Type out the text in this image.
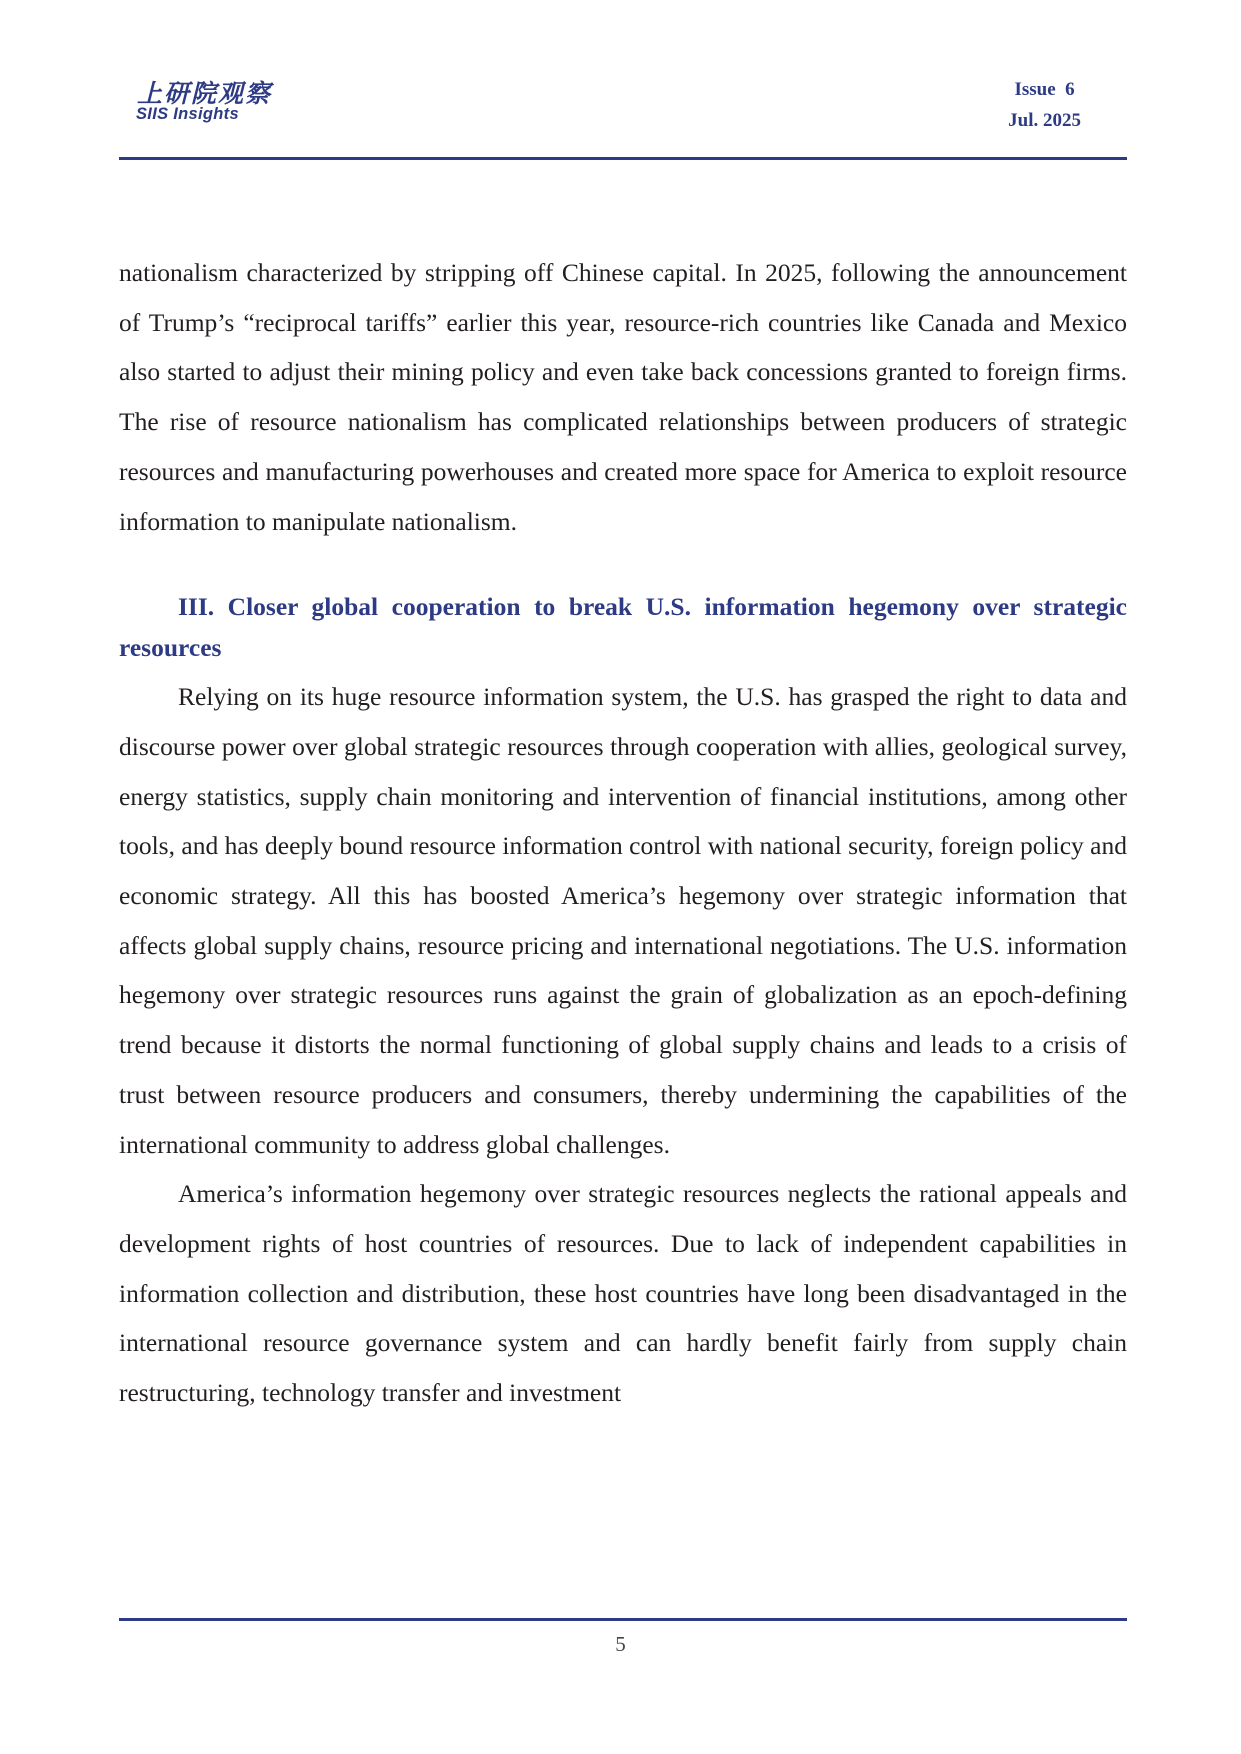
上研院观察
SIIS Insights
Issue  6
Jul. 2025

nationalism characterized by stripping off Chinese capital. In 2025, following the announcement of Trump’s “reciprocal tariffs” earlier this year, resource-rich countries like Canada and Mexico also started to adjust their mining policy and even take back concessions granted to foreign firms. The rise of resource nationalism has complicated relationships between producers of strategic resources and manufacturing powerhouses and created more space for America to exploit resource information to manipulate nationalism.

III. Closer global cooperation to break U.S. information hegemony over strategic resources

Relying on its huge resource information system, the U.S. has grasped the right to data and discourse power over global strategic resources through cooperation with allies, geological survey, energy statistics, supply chain monitoring and intervention of financial institutions, among other tools, and has deeply bound resource information control with national security, foreign policy and economic strategy. All this has boosted America’s hegemony over strategic information that affects global supply chains, resource pricing and international negotiations. The U.S. information hegemony over strategic resources runs against the grain of globalization as an epoch-defining trend because it distorts the normal functioning of global supply chains and leads to a crisis of trust between resource producers and consumers, thereby undermining the capabilities of the international community to address global challenges.

America’s information hegemony over strategic resources neglects the rational appeals and development rights of host countries of resources. Due to lack of independent capabilities in information collection and distribution, these host countries have long been disadvantaged in the international resource governance system and can hardly benefit fairly from supply chain restructuring, technology transfer and investment

5
